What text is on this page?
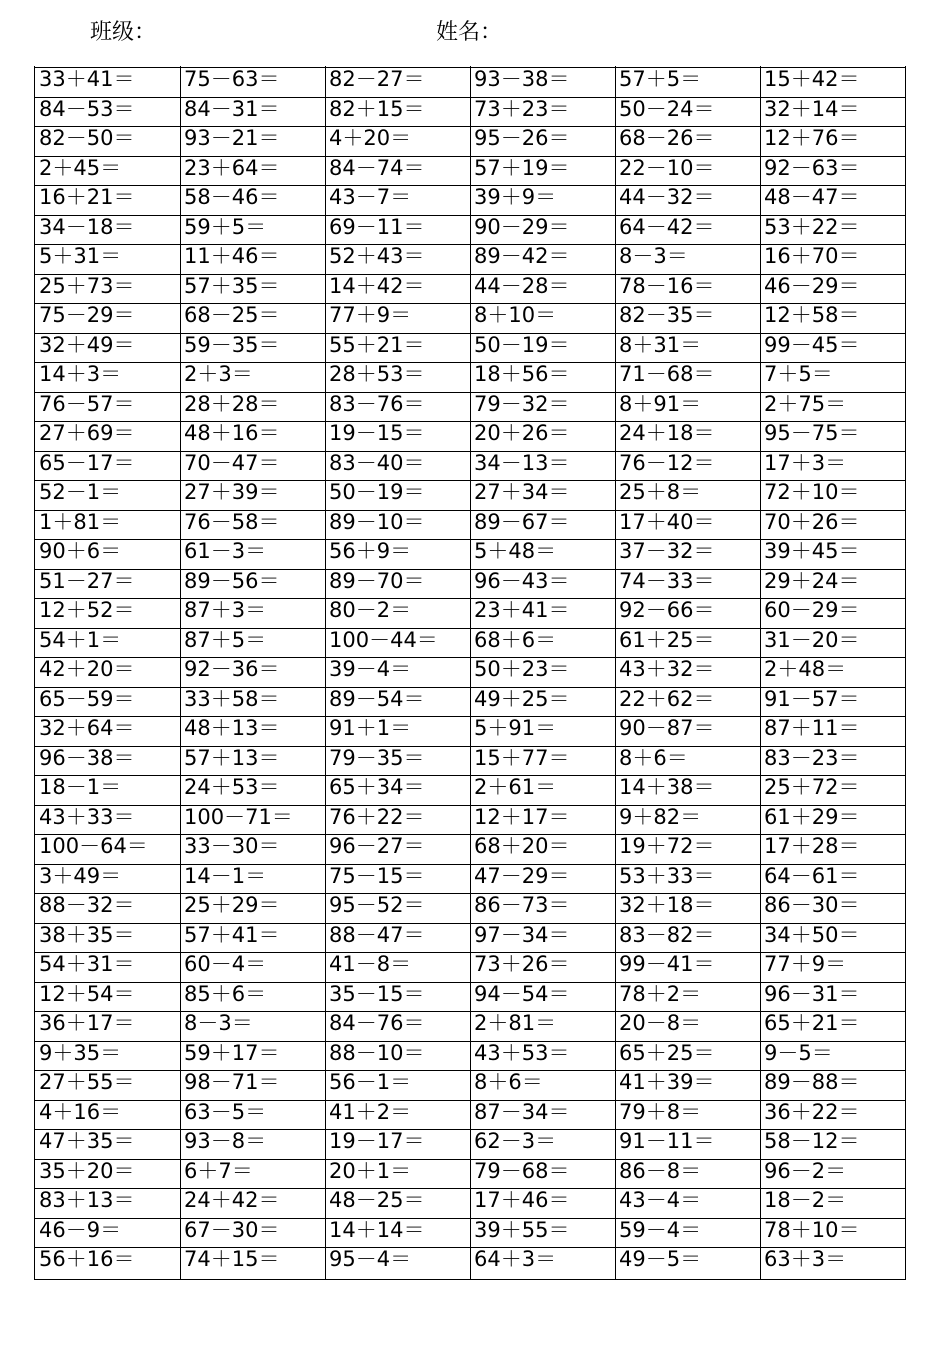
班级：	姓名：
33＋41＝	75－63＝	82－27＝	93－38＝	57＋5＝	15＋42＝
84－53＝	84－31＝	82＋15＝	73＋23＝	50－24＝	32＋14＝
82－50＝	93－21＝	4＋20＝	95－26＝	68－26＝	12＋76＝
2＋45＝	23＋64＝	84－74＝	57＋19＝	22－10＝	92－63＝
16＋21＝	58－46＝	43－7＝	39＋9＝	44－32＝	48－47＝
34－18＝	59＋5＝	69－11＝	90－29＝	64－42＝	53＋22＝
5＋31＝	11＋46＝	52＋43＝	89－42＝	8－3＝	16＋70＝
25＋73＝	57＋35＝	14＋42＝	44－28＝	78－16＝	46－29＝
75－29＝	68－25＝	77＋9＝	8＋10＝	82－35＝	12＋58＝
32＋49＝	59－35＝	55＋21＝	50－19＝	8＋31＝	99－45＝
14＋3＝	2＋3＝	28＋53＝	18＋56＝	71－68＝	7＋5＝
76－57＝	28＋28＝	83－76＝	79－32＝	8＋91＝	2＋75＝
27＋69＝	48＋16＝	19－15＝	20＋26＝	24＋18＝	95－75＝
65－17＝	70－47＝	83－40＝	34－13＝	76－12＝	17＋3＝
52－1＝	27＋39＝	50－19＝	27＋34＝	25＋8＝	72＋10＝
1＋81＝	76－58＝	89－10＝	89－67＝	17＋40＝	70＋26＝
90＋6＝	61－3＝	56＋9＝	5＋48＝	37－32＝	39＋45＝
51－27＝	89－56＝	89－70＝	96－43＝	74－33＝	29＋24＝
12＋52＝	87＋3＝	80－2＝	23＋41＝	92－66＝	60－29＝
54＋1＝	87＋5＝	100－44＝	68＋6＝	61＋25＝	31－20＝
42＋20＝	92－36＝	39－4＝	50＋23＝	43＋32＝	2＋48＝
65－59＝	33＋58＝	89－54＝	49＋25＝	22＋62＝	91－57＝
32＋64＝	48＋13＝	91＋1＝	5＋91＝	90－87＝	87＋11＝
96－38＝	57＋13＝	79－35＝	15＋77＝	8＋6＝	83－23＝
18－1＝	24＋53＝	65＋34＝	2＋61＝	14＋38＝	25＋72＝
43＋33＝	100－71＝	76＋22＝	12＋17＝	9＋82＝	61＋29＝
100－64＝	33－30＝	96－27＝	68＋20＝	19＋72＝	17＋28＝
3＋49＝	14－1＝	75－15＝	47－29＝	53＋33＝	64－61＝
88－32＝	25＋29＝	95－52＝	86－73＝	32＋18＝	86－30＝
38＋35＝	57＋41＝	88－47＝	97－34＝	83－82＝	34＋50＝
54＋31＝	60－4＝	41－8＝	73＋26＝	99－41＝	77＋9＝
12＋54＝	85＋6＝	35－15＝	94－54＝	78＋2＝	96－31＝
36＋17＝	8－3＝	84－76＝	2＋81＝	20－8＝	65＋21＝
9＋35＝	59＋17＝	88－10＝	43＋53＝	65＋25＝	9－5＝
27＋55＝	98－71＝	56－1＝	8＋6＝	41＋39＝	89－88＝
4＋16＝	63－5＝	41＋2＝	87－34＝	79＋8＝	36＋22＝
47＋35＝	93－8＝	19－17＝	62－3＝	91－11＝	58－12＝
35＋20＝	6＋7＝	20＋1＝	79－68＝	86－8＝	96－2＝
83＋13＝	24＋42＝	48－25＝	17＋46＝	43－4＝	18－2＝
46－9＝	67－30＝	14＋14＝	39＋55＝	59－4＝	78＋10＝
56＋16＝	74＋15＝	95－4＝	64＋3＝	49－5＝	63＋3＝
